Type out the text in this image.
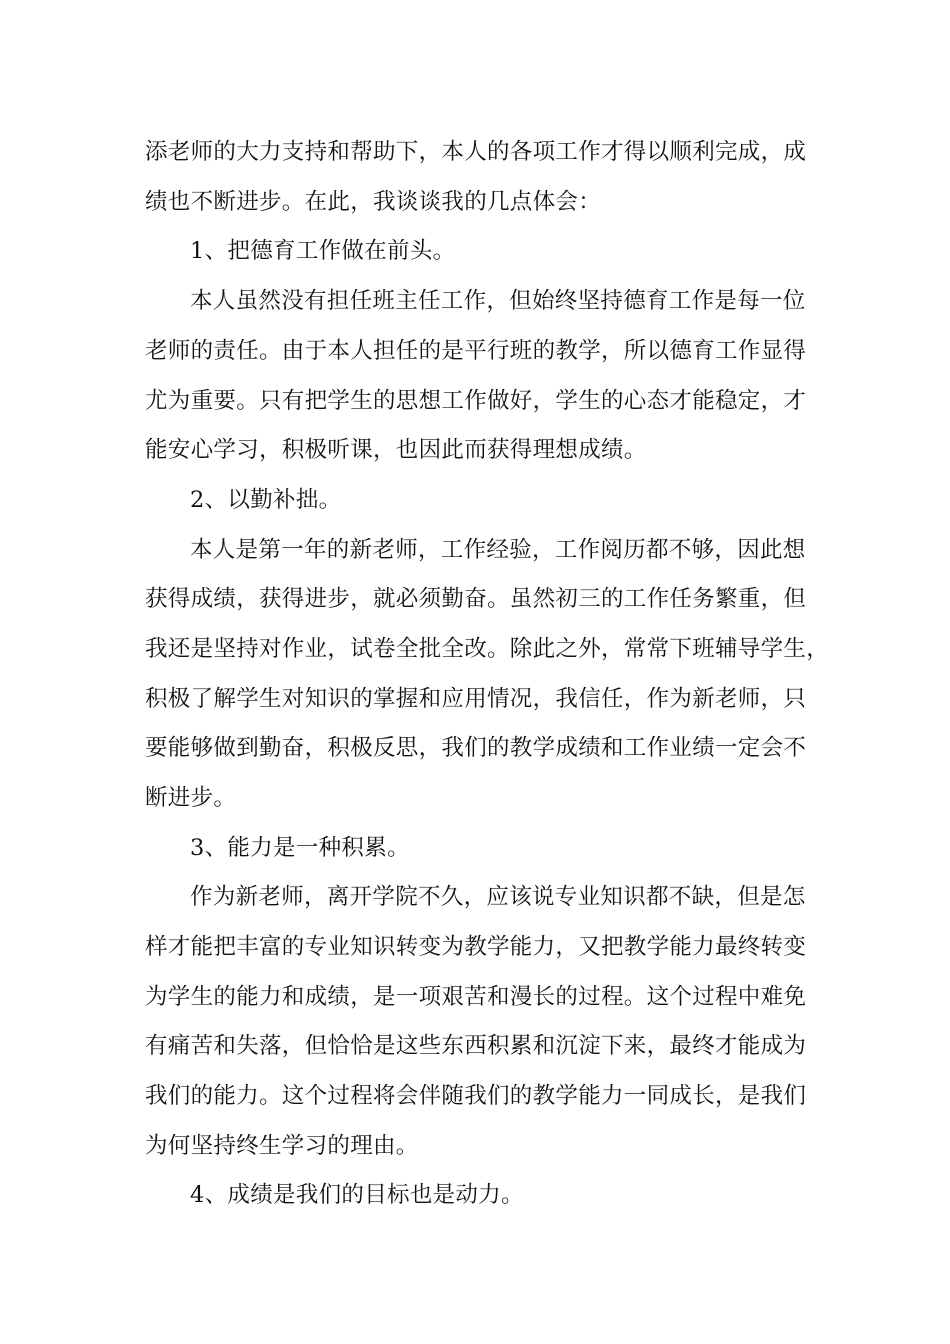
添老师的大力支持和帮助下，本人的各项工作才得以顺利完成，成
绩也不断进步。在此，我谈谈我的几点体会：
1、把德育工作做在前头。
本人虽然没有担任班主任工作，但始终坚持德育工作是每一位
老师的责任。由于本人担任的是平行班的教学，所以德育工作显得
尤为重要。只有把学生的思想工作做好，学生的心态才能稳定，才
能安心学习，积极听课，也因此而获得理想成绩。
2、以勤补拙。
本人是第一年的新老师，工作经验，工作阅历都不够，因此想
获得成绩，获得进步，就必须勤奋。虽然初三的工作任务繁重，但
我还是坚持对作业，试卷全批全改。除此之外，常常下班辅导学生，
积极了解学生对知识的掌握和应用情况，我信任，作为新老师，只
要能够做到勤奋，积极反思，我们的教学成绩和工作业绩一定会不
断进步。
3、能力是一种积累。
作为新老师，离开学院不久，应该说专业知识都不缺，但是怎
样才能把丰富的专业知识转变为教学能力，又把教学能力最终转变
为学生的能力和成绩，是一项艰苦和漫长的过程。这个过程中难免
有痛苦和失落，但恰恰是这些东西积累和沉淀下来，最终才能成为
我们的能力。这个过程将会伴随我们的教学能力一同成长，是我们
为何坚持终生学习的理由。
4、成绩是我们的目标也是动力。
